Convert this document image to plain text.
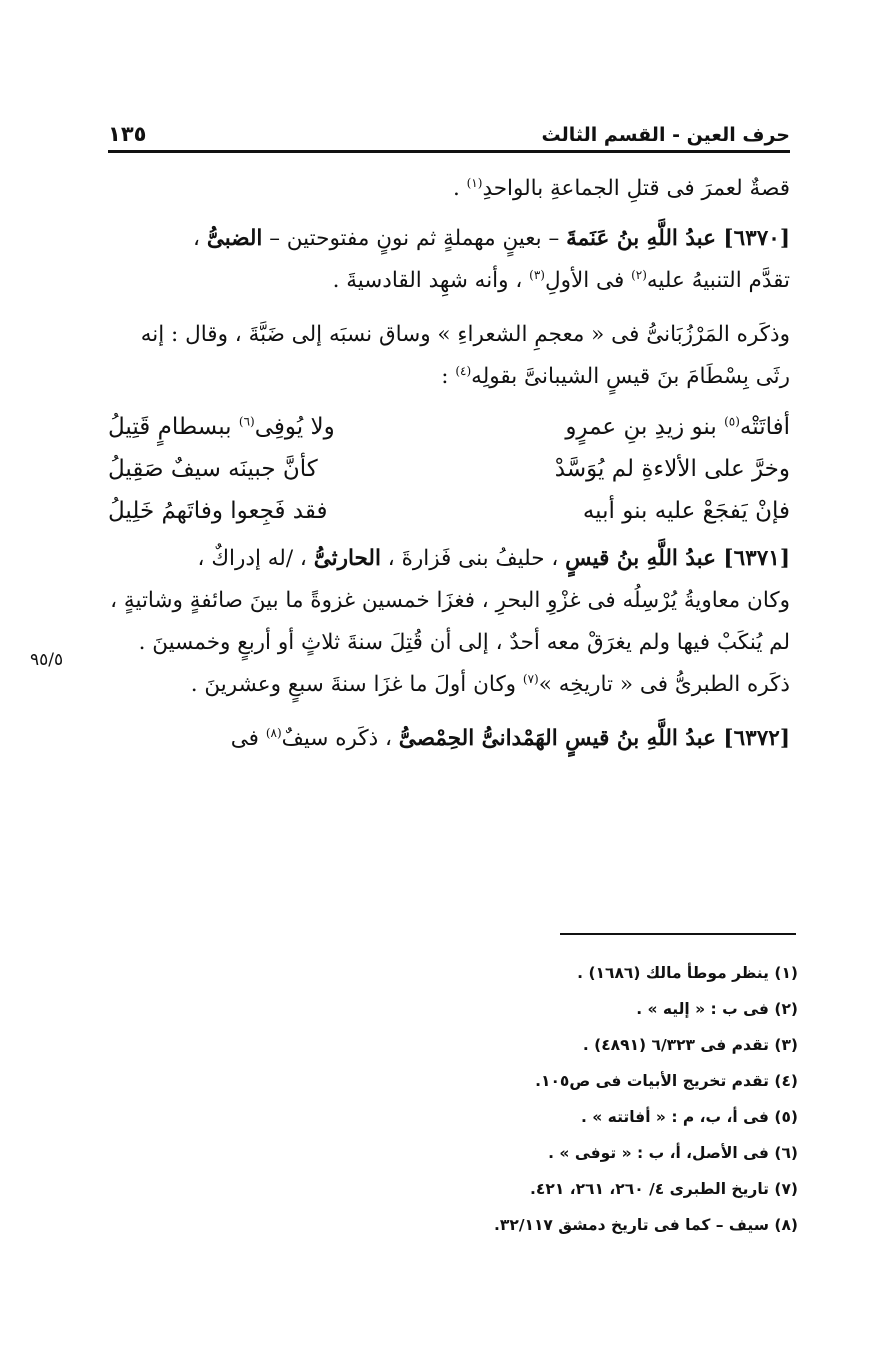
١٣٥	حرف العين - القسم الثالث
٩٥/٥
قصةٌ لعمرَ فى قتلِ الجماعةِ بالواحدِ$^{(١)}$ .
[٦٣٧٠] عبدُ اللَّهِ بنُ عَنَمةَ – بعينٍ مهملةٍ ثم نونٍ مفتوحتين – الضبىُّ ،
تقدَّم التنبيهُ عليه$^{(٢)}$ فى الأولِ$^{(٣)}$ ، وأنه شهِد القادسيةَ .
وذكَره المَرْزُبَانىُّ فى « معجمِ الشعراءِ » وساق نسبَه إلى ضَبَّةَ ، وقال : إنه
رثَى بِسْطَامَ بنَ قيسٍ الشيبانىَّ بقولِه$^{(٤)}$ :
أفاتَتْه$^{(٥)}$ بنو زيدِ بنِ عمرٍو
ولا يُوفِى$^{(٦)}$ ببسطامٍ قَتِيلُ
وخرَّ على الألاءةِ لم يُوَسَّدْ
كأنَّ جبينَه سيفٌ صَقِيلُ
فإنْ يَفجَعْ عليه بنو أبيه
فقد فَجِعوا وفاتَهمُ خَلِيلُ
[٦٣٧١] عبدُ اللَّهِ بنُ قيسٍ ، حليفُ بنى فَزارةَ ، الحارثىُّ ، /له إدراكٌ ،
وكان معاويةُ يُرْسِلُه فى غزْوِ البحرِ ، فغزَا خمسين غزوةً ما بينَ صائفةٍ وشاتيةٍ ،
لم يُنكَبْ فيها ولم يغرَقْ معه أحدٌ ، إلى أن قُتِلَ سنةَ ثلاثٍ أو أربعٍ وخمسينَ .
ذكَره الطبرىُّ فى « تاريخِه »$^{(٧)}$ وكان أولَ ما غزَا سنةَ سبعٍ وعشرينَ .
[٦٣٧٢] عبدُ اللَّهِ بنُ قيسٍ الهَمْدانىُّ الحِمْصىُّ ، ذكَره سيفٌ$^{(٨)}$ فى
(١) ينظر موطأ مالك (١٦٨٦) .
(٢) فى ب : « إليه » .
(٣) تقدم فى ٦/٣٢٣ (٤٨٩١) .
(٤) تقدم تخريج الأبيات فى ص١٠٥.
(٥) فى أ، ب، م : « أفاتته » .
(٦) فى الأصل، أ، ب : « توفى » .
(٧) تاريخ الطبرى ٤/ ٢٦٠، ٢٦١، ٤٢١.
(٨) سيف – كما فى تاريخ دمشق ٣٢/١١٧.
